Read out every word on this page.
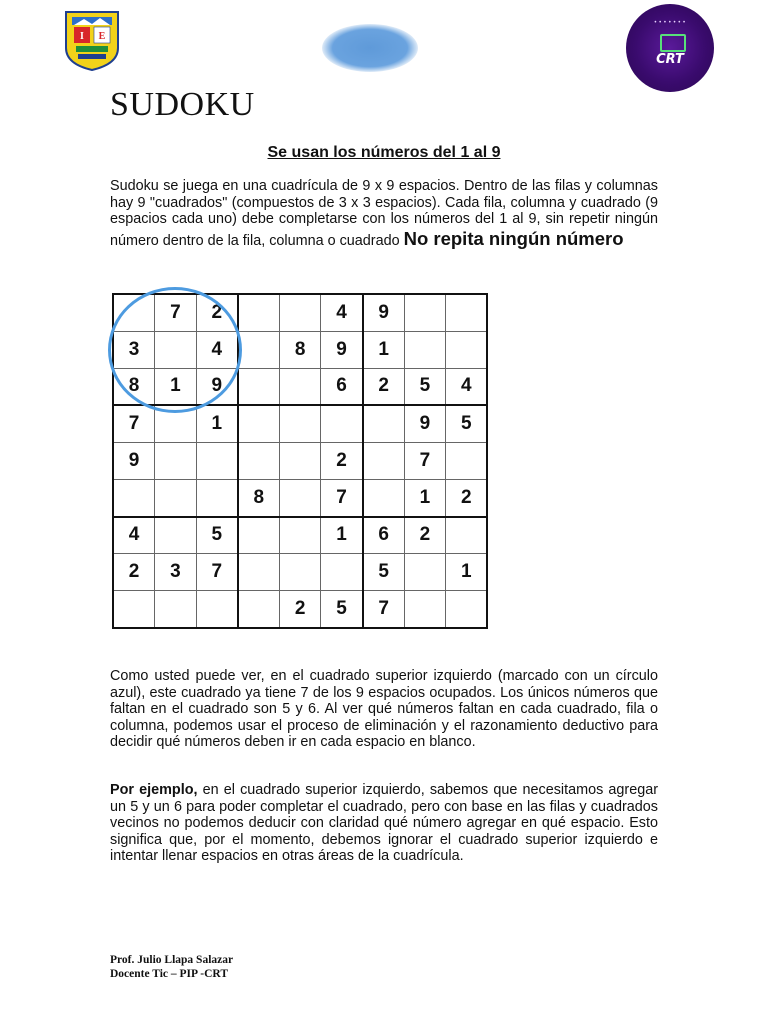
I E
• • • • • • •
CRT
SUDOKU
Se usan los números del 1 al 9
Sudoku se juega en una cuadrícula de 9 x 9 espacios. Dentro de las filas y columnas hay 9 "cuadrados" (compuestos de 3 x 3 espacios). Cada fila, columna y cuadrado (9 espacios cada uno) debe completarse con los números del 1 al 9, sin repetir ningún número dentro de la fila, columna o cuadrado No repita ningún número
	7	2			4	9		
3		4		8	9	1		
8	1	9			6	2	5	4
7		1					9	5
9					2		7	
			8		7		1	2
4		5			1	6	2	
2	3	7				5		1
				2	5	7		
Como usted puede ver, en el cuadrado superior izquierdo (marcado con un círculo azul), este cuadrado ya tiene 7 de los 9 espacios ocupados. Los únicos números que faltan en el cuadrado son 5 y 6. Al ver qué números faltan en cada cuadrado, fila o columna, podemos usar el proceso de eliminación y el razonamiento deductivo para decidir qué números deben ir en cada espacio en blanco.
Por ejemplo, en el cuadrado superior izquierdo, sabemos que necesitamos agregar un 5 y un 6 para poder completar el cuadrado, pero con base en las filas y cuadrados vecinos no podemos deducir con claridad qué número agregar en qué espacio. Esto significa que, por el momento, debemos ignorar el cuadrado superior izquierdo e intentar llenar espacios en otras áreas de la cuadrícula.
Prof. Julio Llapa Salazar
Docente Tic – PIP -CRT
